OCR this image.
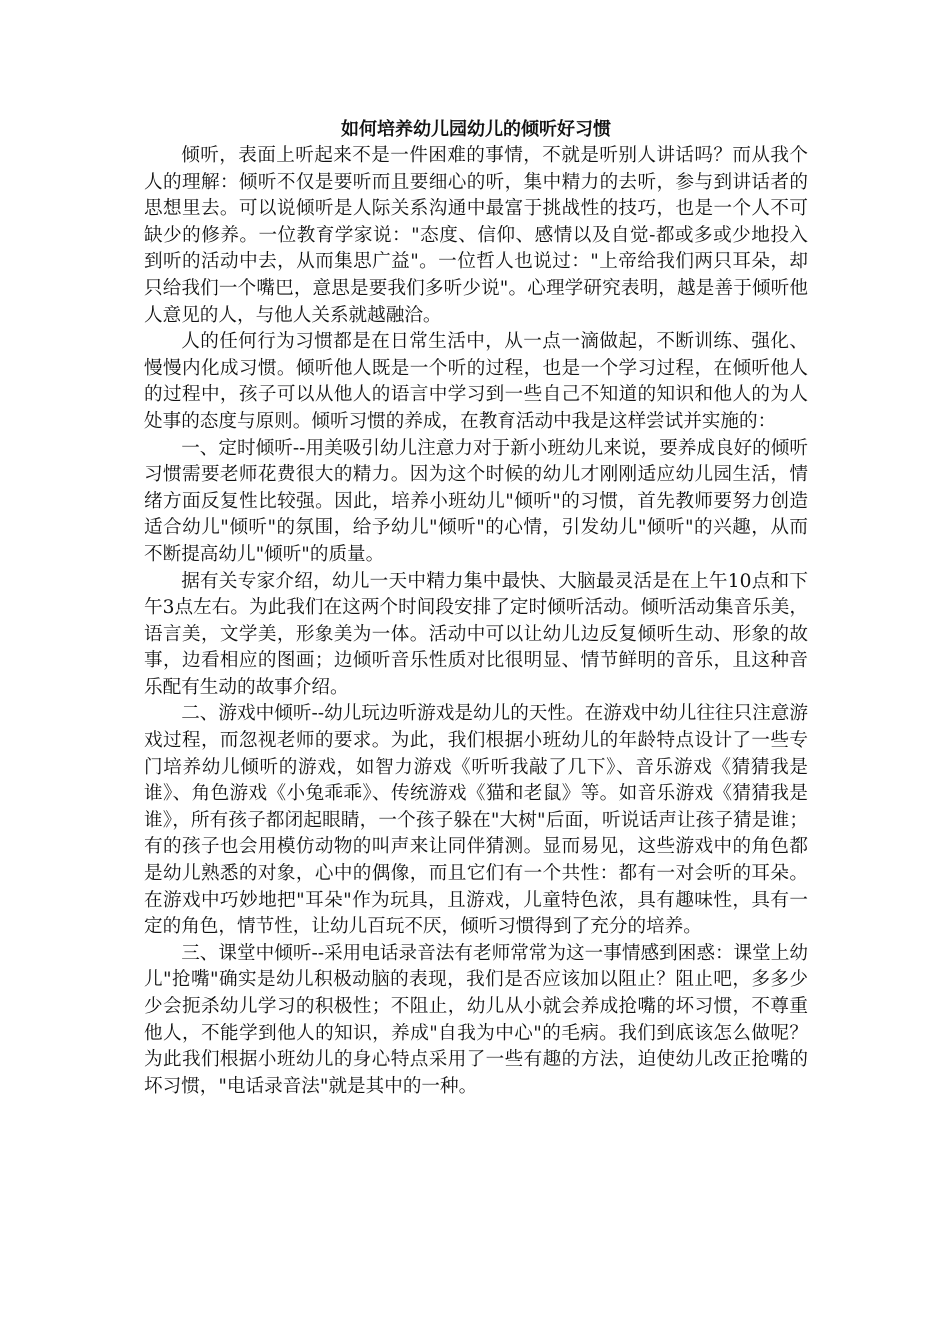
如何培养幼儿园幼儿的倾听好习惯

倾听，表面上听起来不是一件困难的事情，不就是听别人讲话吗？而从我个人的理解：倾听不仅是要听而且要细心的听，集中精力的去听，参与到讲话者的思想里去。可以说倾听是人际关系沟通中最富于挑战性的技巧，也是一个人不可缺少的修养。一位教育学家说："态度、信仰、感情以及自觉-都或多或少地投入到听的活动中去，从而集思广益"。一位哲人也说过："上帝给我们两只耳朵，却只给我们一个嘴巴，意思是要我们多听少说"。心理学研究表明，越是善于倾听他人意见的人，与他人关系就越融洽。

人的任何行为习惯都是在日常生活中，从一点一滴做起，不断训练、强化、慢慢内化成习惯。倾听他人既是一个听的过程，也是一个学习过程，在倾听他人的过程中，孩子可以从他人的语言中学习到一些自己不知道的知识和他人的为人处事的态度与原则。倾听习惯的养成，在教育活动中我是这样尝试并实施的：

一、定时倾听--用美吸引幼儿注意力对于新小班幼儿来说，要养成良好的倾听习惯需要老师花费很大的精力。因为这个时候的幼儿才刚刚适应幼儿园生活，情绪方面反复性比较强。因此，培养小班幼儿"倾听"的习惯，首先教师要努力创造适合幼儿"倾听"的氛围，给予幼儿"倾听"的心情，引发幼儿"倾听"的兴趣，从而不断提高幼儿"倾听"的质量。

据有关专家介绍，幼儿一天中精力集中最快、大脑最灵活是在上午10点和下午3点左右。为此我们在这两个时间段安排了定时倾听活动。倾听活动集音乐美，语言美，文学美，形象美为一体。活动中可以让幼儿边反复倾听生动、形象的故事，边看相应的图画；边倾听音乐性质对比很明显、情节鲜明的音乐，且这种音乐配有生动的故事介绍。

二、游戏中倾听--幼儿玩边听游戏是幼儿的天性。在游戏中幼儿往往只注意游戏过程，而忽视老师的要求。为此，我们根据小班幼儿的年龄特点设计了一些专门培养幼儿倾听的游戏，如智力游戏《听听我敲了几下》、音乐游戏《猜猜我是谁》、角色游戏《小兔乖乖》、传统游戏《猫和老鼠》等。如音乐游戏《猜猜我是谁》，所有孩子都闭起眼睛，一个孩子躲在"大树"后面，听说话声让孩子猜是谁；有的孩子也会用模仿动物的叫声来让同伴猜测。显而易见，这些游戏中的角色都是幼儿熟悉的对象，心中的偶像，而且它们有一个共性：都有一对会听的耳朵。在游戏中巧妙地把"耳朵"作为玩具，且游戏，儿童特色浓，具有趣味性，具有一定的角色，情节性，让幼儿百玩不厌，倾听习惯得到了充分的培养。

三、课堂中倾听--采用电话录音法有老师常常为这一事情感到困惑：课堂上幼儿"抢嘴"确实是幼儿积极动脑的表现，我们是否应该加以阻止？阻止吧，多多少少会扼杀幼儿学习的积极性；不阻止，幼儿从小就会养成抢嘴的坏习惯，不尊重他人，不能学到他人的知识，养成"自我为中心"的毛病。我们到底该怎么做呢？为此我们根据小班幼儿的身心特点采用了一些有趣的方法，迫使幼儿改正抢嘴的坏习惯，"电话录音法"就是其中的一种。
